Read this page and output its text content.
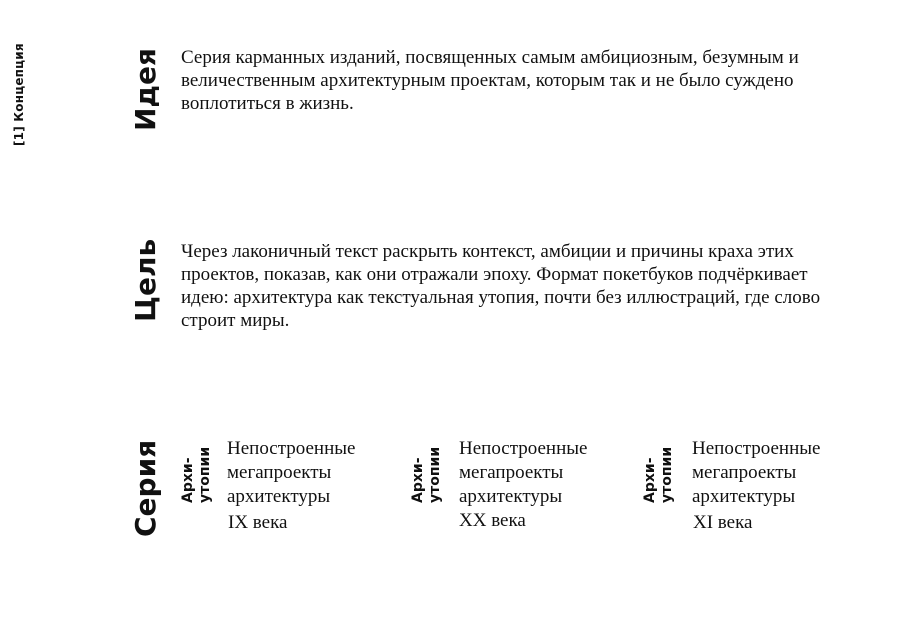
[1] Концепция	Идея Серия карманных изданий, посвященных самым амбициозным, безумным и величественным архитектурным проектам, которым так и не было суждено воплотиться в жизнь.
Цель Через лаконичный текст раскрыть контекст, амбиции и причины краха этих проектов, показав, как они отражали эпоху. Формат покетбуков подчёркивает идею: архитектура как текстуальная утопия, почти без иллюстраций, где слово строит миры.
Серия Архи- утопии Непостроенные
мегапроекты
архитектуры
IX века
Архи- утопии Непостроенные
мегапроекты
архитектуры
XX века
Архи- утопии Непостроенные
мегапроекты
архитектуры
XI века
